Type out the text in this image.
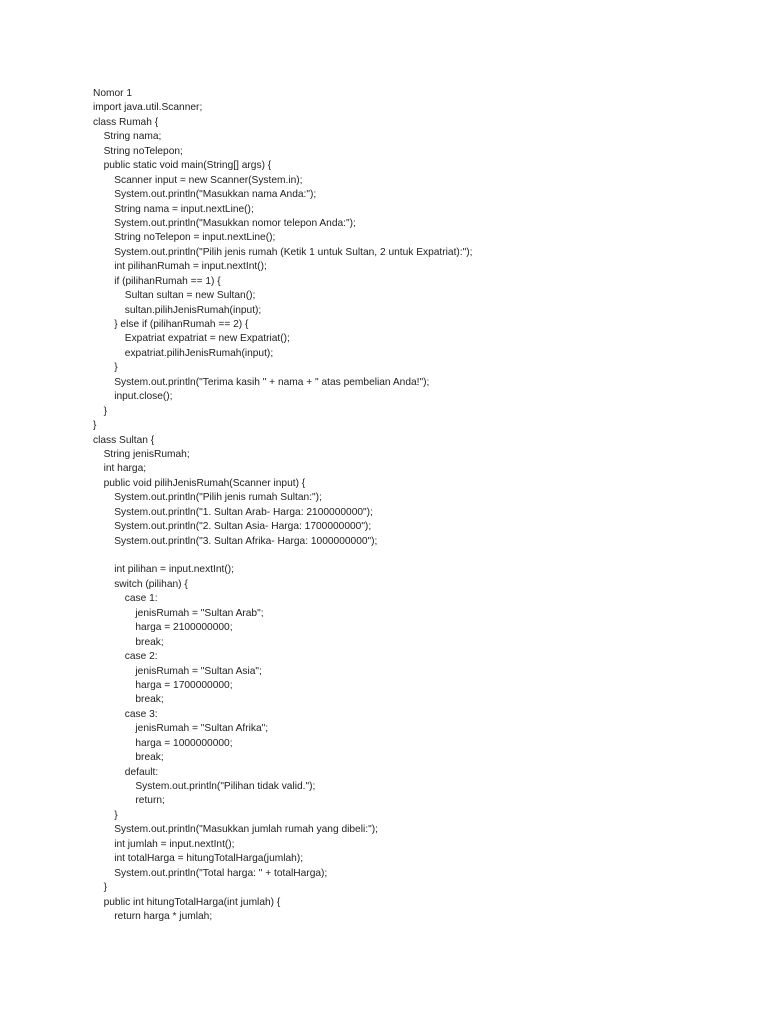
Nomor 1
import java.util.Scanner;
class Rumah {
String nama;
String noTelepon;
public static void main(String[] args) {
Scanner input = new Scanner(System.in);
System.out.println("Masukkan nama Anda:");
String nama = input.nextLine();
System.out.println("Masukkan nomor telepon Anda:");
String noTelepon = input.nextLine();
System.out.println("Pilih jenis rumah (Ketik 1 untuk Sultan, 2 untuk Expatriat):");
int pilihanRumah = input.nextInt();
if (pilihanRumah == 1) {
Sultan sultan = new Sultan();
sultan.pilihJenisRumah(input);
} else if (pilihanRumah == 2) {
Expatriat expatriat = new Expatriat();
expatriat.pilihJenisRumah(input);
}
System.out.println("Terima kasih " + nama + " atas pembelian Anda!");
input.close();
}
}
class Sultan {
String jenisRumah;
int harga;
public void pilihJenisRumah(Scanner input) {
System.out.println("Pilih jenis rumah Sultan:");
System.out.println("1. Sultan Arab- Harga: 2100000000");
System.out.println("2. Sultan Asia- Harga: 1700000000");
System.out.println("3. Sultan Afrika- Harga: 1000000000");
int pilihan = input.nextInt();
switch (pilihan) {
case 1:
jenisRumah = "Sultan Arab";
harga = 2100000000;
break;
case 2:
jenisRumah = "Sultan Asia";
harga = 1700000000;
break;
case 3:
jenisRumah = "Sultan Afrika";
harga = 1000000000;
break;
default:
System.out.println("Pilihan tidak valid.");
return;
}
System.out.println("Masukkan jumlah rumah yang dibeli:");
int jumlah = input.nextInt();
int totalHarga = hitungTotalHarga(jumlah);
System.out.println("Total harga: " + totalHarga);
}
public int hitungTotalHarga(int jumlah) {
return harga * jumlah;
